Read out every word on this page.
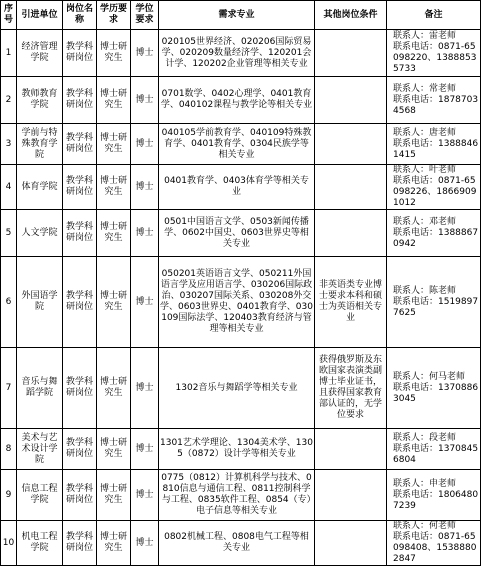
序号	引进单位	岗位名称	学历要求	学位要求	需求专业	其他岗位条件	备注
1	经济管理学院	教学科研岗位	博士研究生	博士	020105世界经济、020206国际贸易学、020209数量经济学、120201会计学、120202企业管理等相关专业		联系人：雷老师
联系电话：0871-65098220、13888535733

2	教师教育学院	教学科研岗位	博士研究生	博士	0701数学、0402心理学、0401教育学、040102课程与教学论等相关专业		联系人：常老师
联系电话：18787034568

3	学前与特殊教育学院	教学科研岗位	博士研究生	博士	040105学前教育学、040109特殊教育学、0401教育学、0304民族学等相关专业		联系人：唐老师
联系电话：13888461415

4	体育学院	教学科研岗位	博士研究生	博士	0401教育学、0403体育学等相关专业		联系人：叶老师
联系电话：0871-65098226、18669091012

5	人文学院	教学科研岗位	博士研究生	博士	0501中国语言文学、0503新闻传播学、0602中国史、0603世界史等相关专业		联系人：邓老师
联系电话：13888670942

6	外国语学院	教学科研岗位	博士研究生	博士	050201英语语言文学、050211外国语言学及应用语言学、030206国际政治、030207国际关系、030208外交学、0603世界史、0401教育学、030109国际法学、120403教育经济与管理等相关专业	非英语类专业博士要求本科和硕士为英语相关专业	联系人：陈老师
联系电话：15198977625

7	音乐与舞蹈学院	教学科研岗位	博士研究生	博士	1302音乐与舞蹈学等相关专业	获得俄罗斯及东欧国家表演类副博士毕业证书，且获得国家教育部认证的，无学位要求	联系人：何马老师
联系电话：13708863045

8	美术与艺术设计学院	教学科研岗位	博士研究生	博士	1301艺术学理论、1304美术学、1305（0872）设计学等相关专业		联系人：段老师
联系电话：13708456804

9	信息工程学院	教学科研岗位	博士研究生	博士	0775（0812）计算机科学与技术、0810信息与通信工程、0811控制科学与工程、0835软件工程、0854（专）电子信息等相关专业		联系人：申老师
联系电话：18064807239

10	机电工程学院	教学科研岗位	博士研究生	博士	0802机械工程、0808电气工程等相关专业		联系人：何老师
联系电话：0871-65098408、15388802847
